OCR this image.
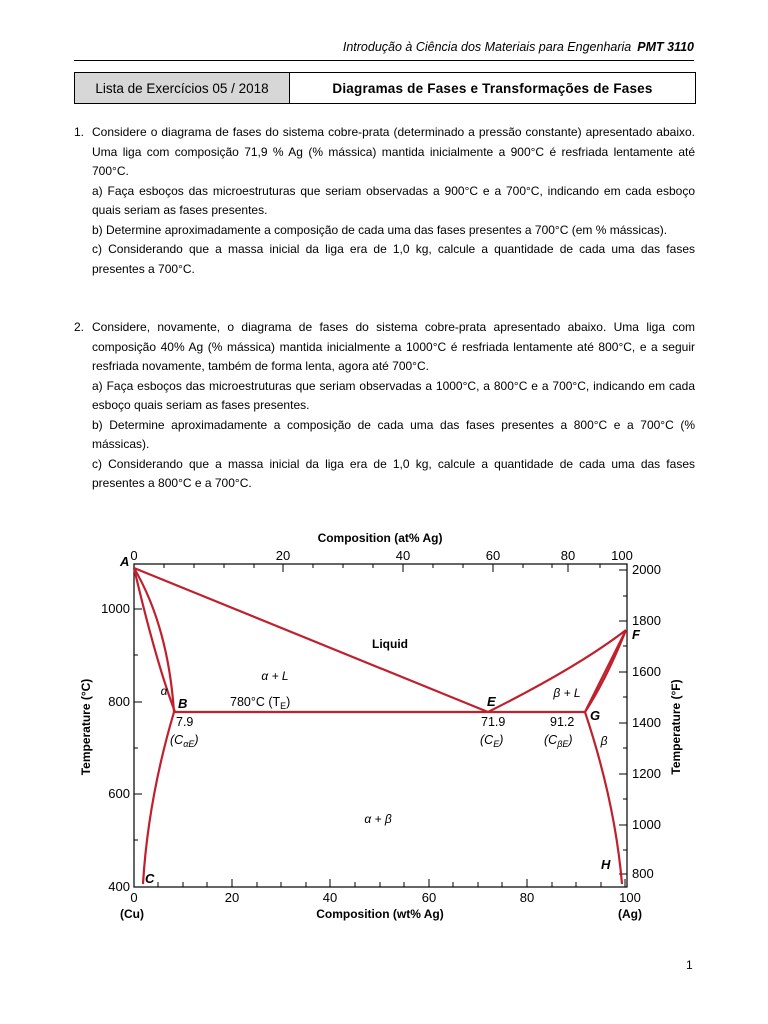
Introdução à Ciência dos Materiais para Engenharia PMT 3110
Lista de Exercícios 05 / 2018	Diagramas de Fases e Transformações de Fases
1. Considere o diagrama de fases do sistema cobre-prata (determinado a pressão constante) apresentado abaixo. Uma liga com composição 71,9 % Ag (% mássica) mantida inicialmente a 900°C é resfriada lentamente até 700°C.

a) Faça esboços das microestruturas que seriam observadas a 900°C e a 700°C, indicando em cada esboço quais seriam as fases presentes.

b) Determine aproximadamente a composição de cada uma das fases presentes a 700°C (em % mássicas).

c) Considerando que a massa inicial da liga era de 1,0 kg, calcule a quantidade de cada uma das fases presentes a 700°C.

2. Considere, novamente, o diagrama de fases do sistema cobre-prata apresentado abaixo. Uma liga com composição 40% Ag (% mássica) mantida inicialmente a 1000°C é resfriada lentamente até 800°C, e a seguir resfriada novamente, também de forma lenta, agora até 700°C.

a) Faça esboços das microestruturas que seriam observadas a 1000°C, a 800°C e a 700°C, indicando em cada esboço quais seriam as fases presentes.

b) Determine aproximadamente a composição de cada uma das fases presentes a 800°C e a 700°C (% mássicas).

c) Considerando que a massa inicial da liga era de 1,0 kg, calcule a quantidade de cada uma das fases presentes a 800°C e a 700°C.

Composition (at% Ag)
Composition (wt% Ag)
Temperature (°C)	Temperature (°F)
0	20	40	60	80	100
0	20	40	60	80	100
(Cu)	(Ag)
1000
800
600
400
2000
1800
1600
1400
1200
1000
800
Liquid
α + L
β + L
α + β
α
β
A
B
C
E
F
G
H
780°C $(T_E)$
7.9
$(C_{\alpha E})$
71.9
$(C_E)$
91.2
$(C_{\beta E})$
1
